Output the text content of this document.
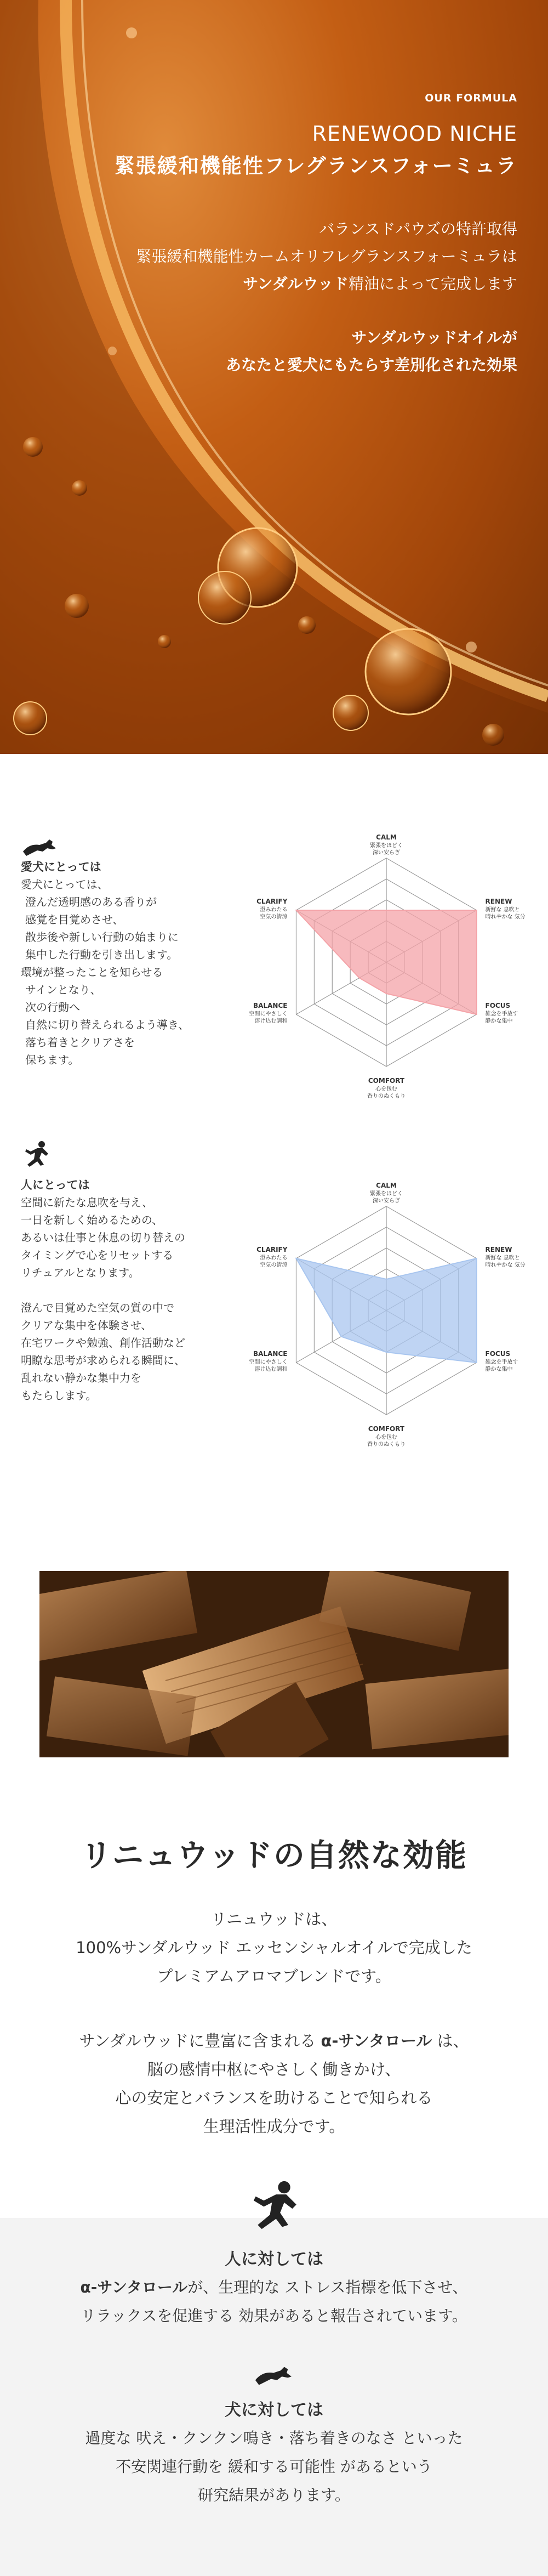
OUR FORMULA
RENEWOOD NICHE
緊張緩和機能性フレグランスフォーミュラ
バランスドパウズの特許取得
緊張緩和機能性カームオリフレグランスフォーミュラは
サンダルウッド精油によって完成します
サンダルウッドオイルが
あなたと愛犬にもたらす差別化された効果
愛犬にとっては
愛犬にとっては、
澄んだ透明感のある香りが
感覚を目覚めさせ、
散歩後や新しい行動の始まりに
集中した行動を引き出します。
環境が整ったことを知らせる
サインとなり、
次の行動へ
自然に切り替えられるよう導き、
落ち着きとクリアさを
保ちます。
CALM
緊張をほどく
深い安らぎ
RENEW
新鮮な 息吹と
晴れやかな 気分
FOCUS
雑念を手放す
静かな集中
COMFORT
心を包む
香りのぬくもり
BALANCE
空間にやさしく
溶け込む調和
CLARIFY
澄みわたる
空気の清涼
人にとっては
空間に新たな息吹を与え、
一日を新しく始めるための、
あるいは仕事と休息の切り替えの
タイミングで心をリセットする
リチュアルとなります。
澄んで目覚めた空気の質の中で
クリアな集中を体験させ、
在宅ワークや勉強、創作活動など
明瞭な思考が求められる瞬間に、
乱れない静かな集中力を
もたらします。
CALM
緊張をほどく
深い安らぎ
RENEW
新鮮な 息吹と
晴れやかな 気分
FOCUS
雑念を手放す
静かな集中
COMFORT
心を包む
香りのぬくもり
BALANCE
空間にやさしく
溶け込む調和
CLARIFY
澄みわたる
空気の清涼
リニュウッドの自然な効能
リニュウッドは、
100%サンダルウッド エッセンシャルオイルで完成した
プレミアムアロマブレンドです。
サンダルウッドに豊富に含まれる α-サンタロール は、
脳の感情中枢にやさしく働きかけ、
心の安定とバランスを助けることで知られる
生理活性成分です。
人に対しては
α-サンタロールが、生理的な ストレス指標を低下させ、
リラックスを促進する 効果があると報告されています。
犬に対しては
過度な 吠え・クンクン鳴き・落ち着きのなさ といった
不安関連行動を 緩和する可能性 があるという
研究結果があります。
